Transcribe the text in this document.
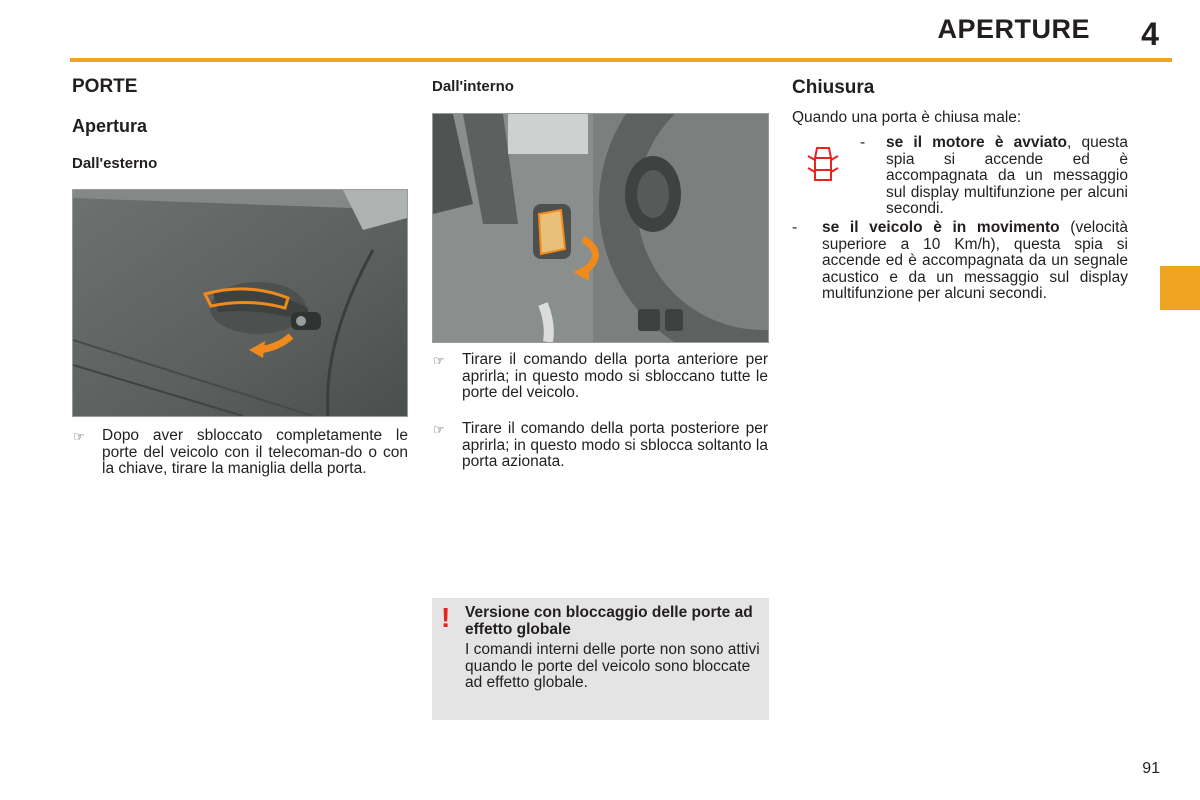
APERTURE	4
PORTE
Apertura
Dall'esterno
☞ Dopo aver sbloccato completamente le porte del veicolo con il telecoman-do o con la chiave, tirare la maniglia della porta.
Dall'interno
☞ Tirare il comando della porta anteriore per aprirla; in questo modo si sbloccano tutte le porte del veicolo.
☞ Tirare il comando della porta posteriore per aprirla; in questo modo si sblocca soltanto la porta azionata.
! Versione con bloccaggio delle porte ad effetto globale
I comandi interni delle porte non sono attivi quando le porte del veicolo sono bloccate ad effetto globale.
Chiusura
Quando una porta è chiusa male:
- se il motore è avviato, questa spia si accende ed è accompagnata da un messaggio sul display multifunzione per alcuni secondi.
- se il veicolo è in movimento (velocità superiore a 10 Km/h), questa spia si accende ed è accompagnata da un segnale acustico e da un messaggio sul display multifunzione per alcuni secondi.
91
